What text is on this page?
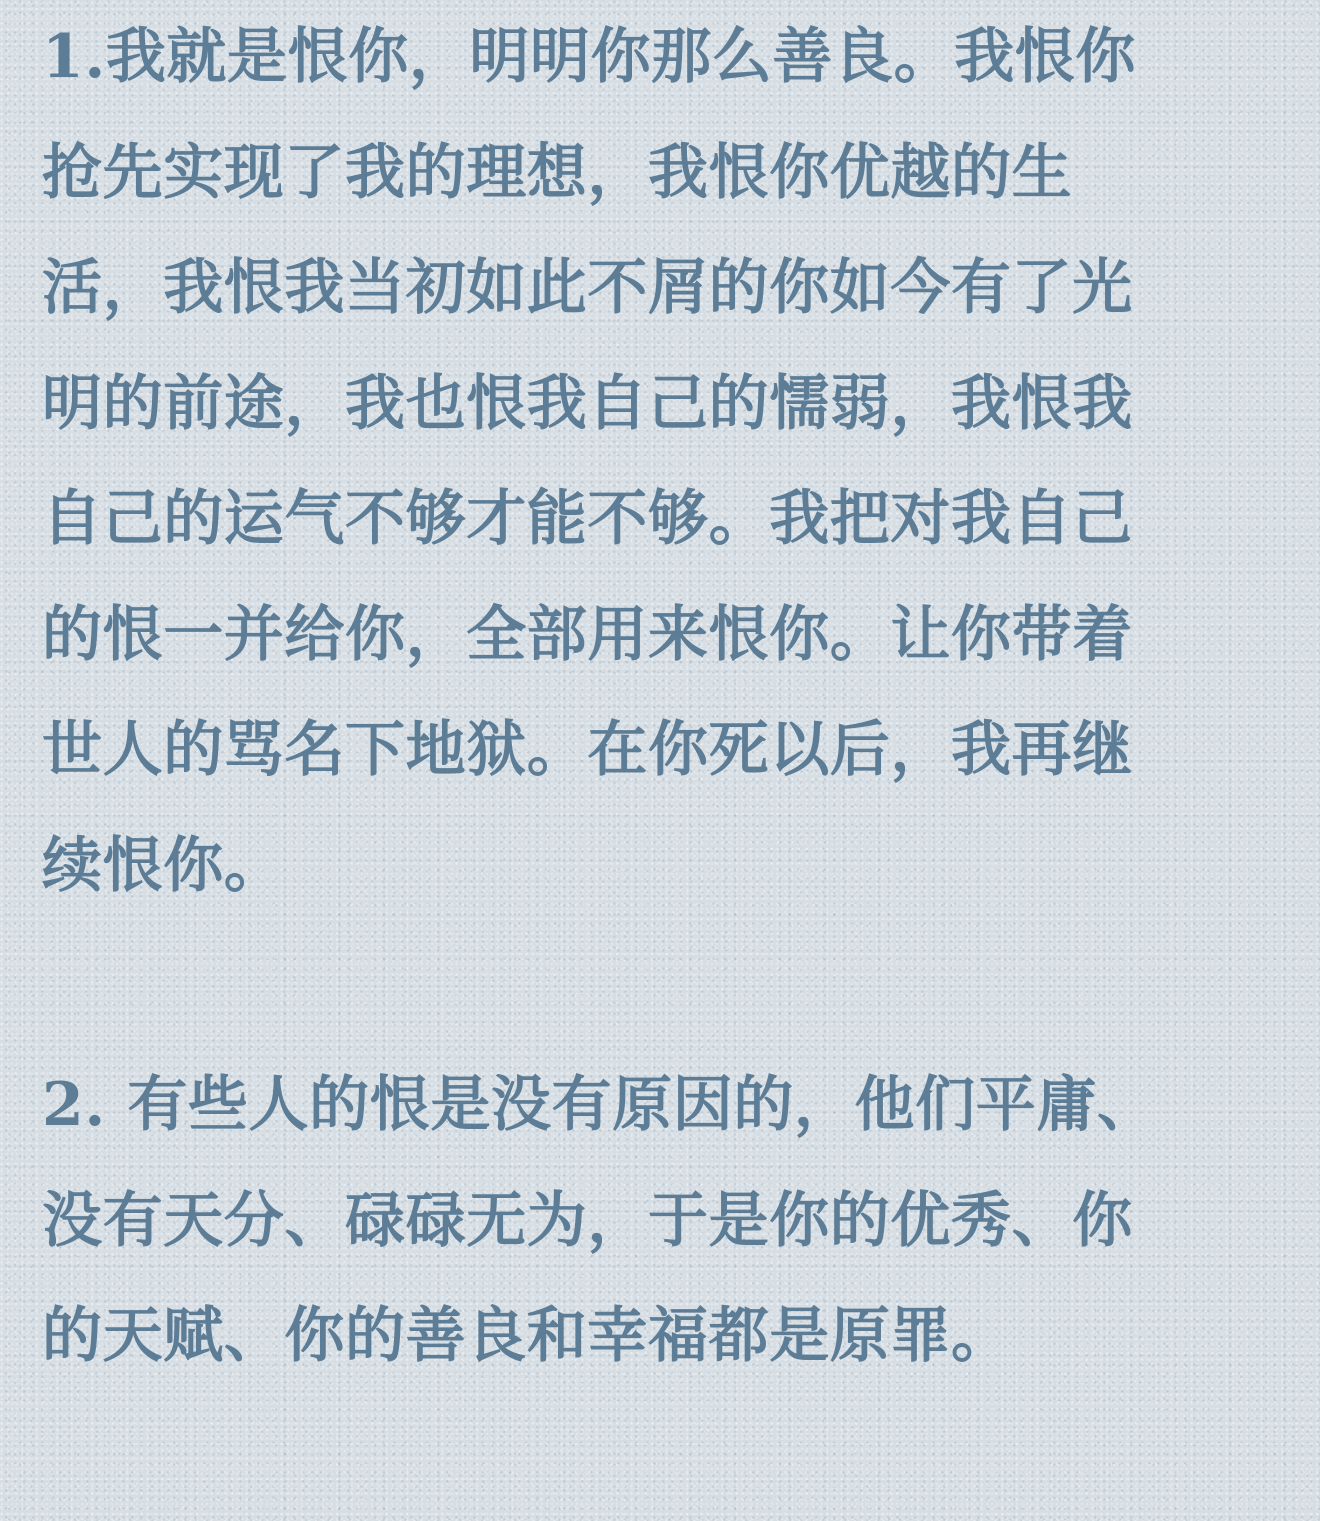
1.我就是恨你，明明你那么善良。我恨你
抢先实现了我的理想，我恨你优越的生
活，我恨我当初如此不屑的你如今有了光
明的前途，我也恨我自己的懦弱，我恨我
自己的运气不够才能不够。我把对我自己
的恨一并给你，全部用来恨你。让你带着
世人的骂名下地狱。在你死以后，我再继
续恨你。
2. 有些人的恨是没有原因的，他们平庸、
没有天分、碌碌无为，于是你的优秀、你
的天赋、你的善良和幸福都是原罪。
